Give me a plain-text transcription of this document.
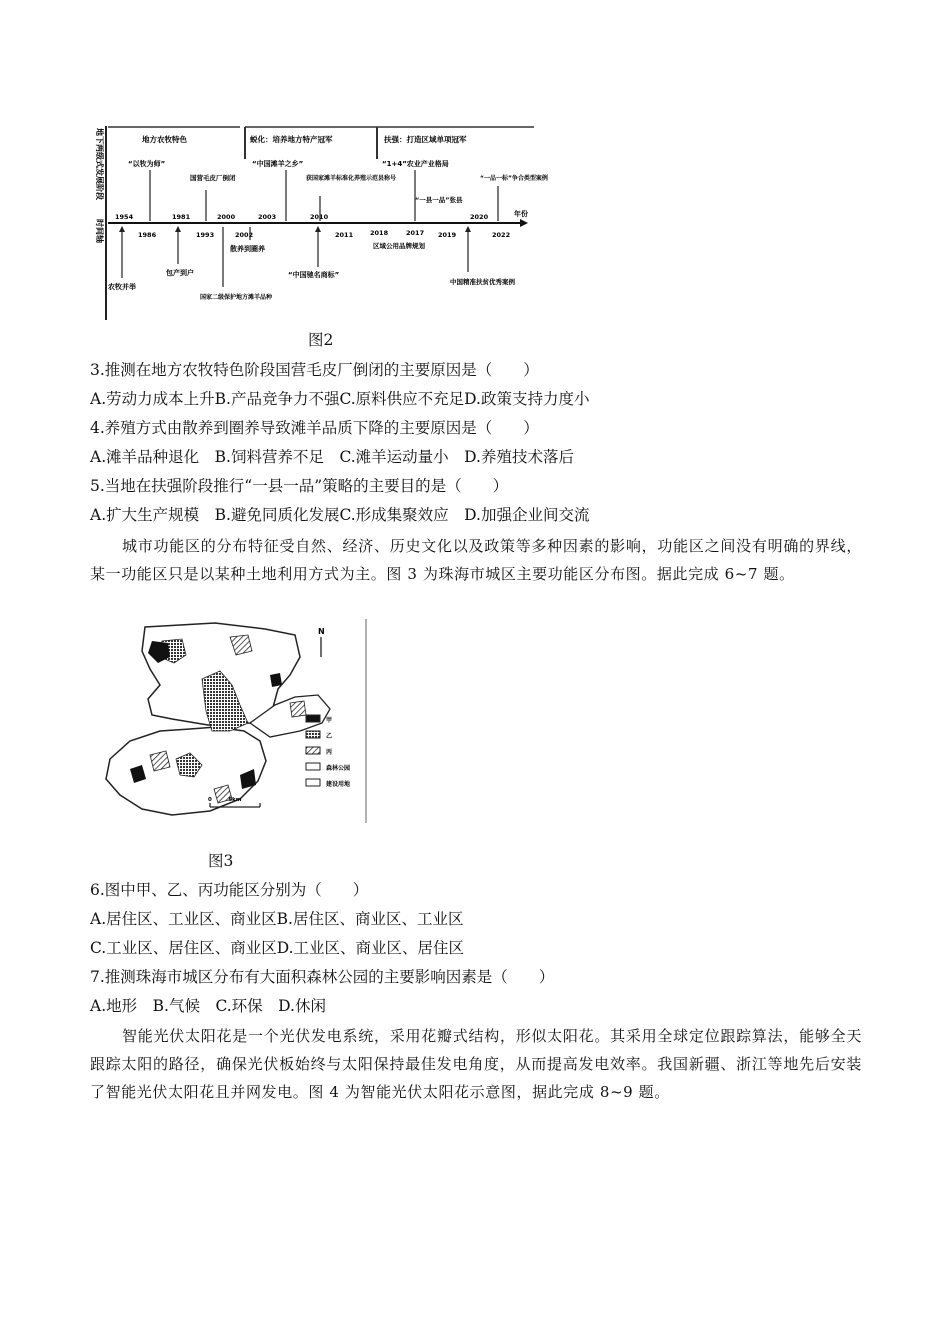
地下两级式发展阶段
时间轴
地方农牧特色	蜕化：培养地方特产冠军	扶强：打造区域单项冠军
年份
1954	1981	2000	2003	2010
2018	2017
2020
1986	1993	2002	2011	2019	2022
“以牧为师”
国营毛皮厂倒闭
“中国滩羊之乡”
获国家滩羊标准化养殖示范县称号
“1+4”农业产业格局
“一县一品”张县
“一品一标”争合类型案例
农牧并举
包产到户
国家二级保护地方滩羊品种
散养到圈养
“中国驰名商标”
区域公用品牌规划
中国精准扶贫优秀案例
图2
3.推测在地方农牧特色阶段国营毛皮厂倒闭的主要原因是（　　）
A.劳动力成本上升B.产品竞争力不强C.原料供应不充足D.政策支持力度小
4.养殖方式由散养到圈养导致滩羊品质下降的主要原因是（　　）
A.滩羊品种退化　B.饲料营养不足　C.滩羊运动量小　D.养殖技术落后
5.当地在扶强阶段推行“一县一品”策略的主要目的是（　　）
A.扩大生产规模　B.避免同质化发展C.形成集聚效应　D.加强企业间交流
城市功能区的分布特征受自然、经济、历史文化以及政策等多种因素的影响，功能区之间没有明确的界线，某一功能区只是以某种土地利用方式为主。图 3 为珠海市城区主要功能区分布图。据此完成 6~7 题。
N
0　　　5km
甲
乙
丙
森林公园
建设用地
图3
6.图中甲、乙、丙功能区分别为（　　）
A.居住区、工业区、商业区B.居住区、商业区、工业区
C.工业区、居住区、商业区D.工业区、商业区、居住区
7.推测珠海市城区分布有大面积森林公园的主要影响因素是（　　）
A.地形　B.气候　C.环保　D.休闲
智能光伏太阳花是一个光伏发电系统，采用花瓣式结构，形似太阳花。其采用全球定位跟踪算法，能够全天跟踪太阳的路径，确保光伏板始终与太阳保持最佳发电角度，从而提高发电效率。我国新疆、浙江等地先后安装了智能光伏太阳花且并网发电。图 4 为智能光伏太阳花示意图，据此完成 8~9 题。
